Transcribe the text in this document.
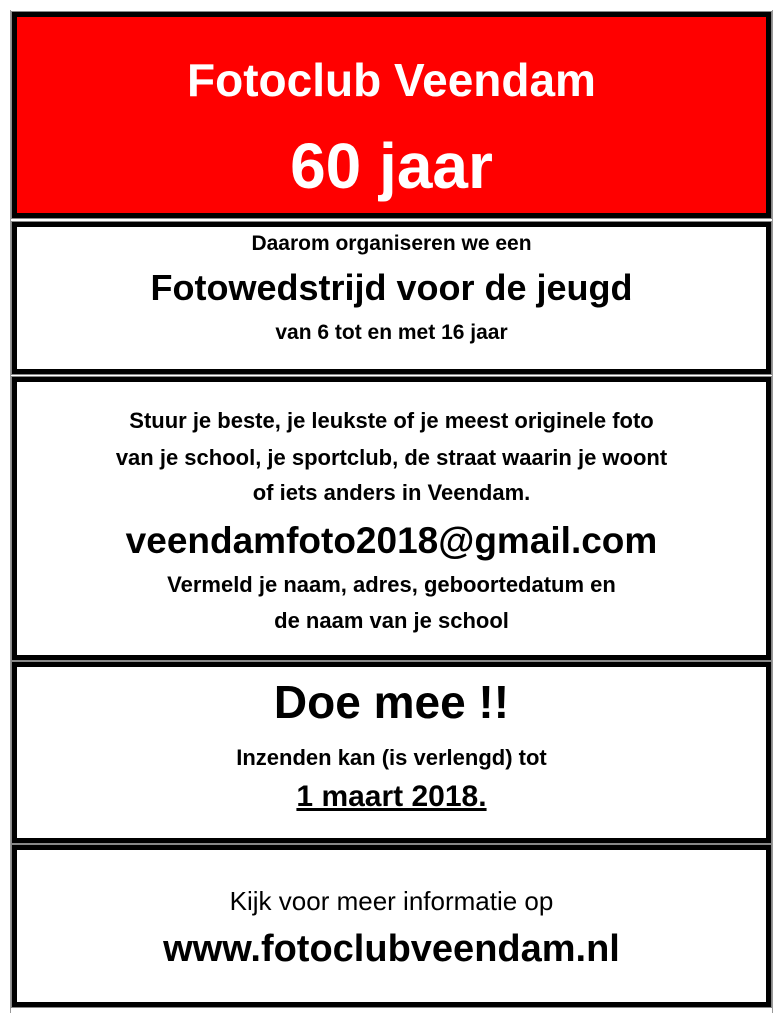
Fotoclub Veendam
60 jaar
Daarom organiseren we een
Fotowedstrijd voor de jeugd
van 6 tot en met 16 jaar
Stuur je beste, je leukste of je meest originele foto
van je school, je sportclub, de straat waarin je woont
of iets anders in Veendam.
veendamfoto2018@gmail.com
Vermeld je naam, adres, geboortedatum en
de naam van je school
Doe mee !!
Inzenden kan (is verlengd) tot
1 maart 2018.
Kijk voor meer informatie op
www.fotoclubveendam.nl
